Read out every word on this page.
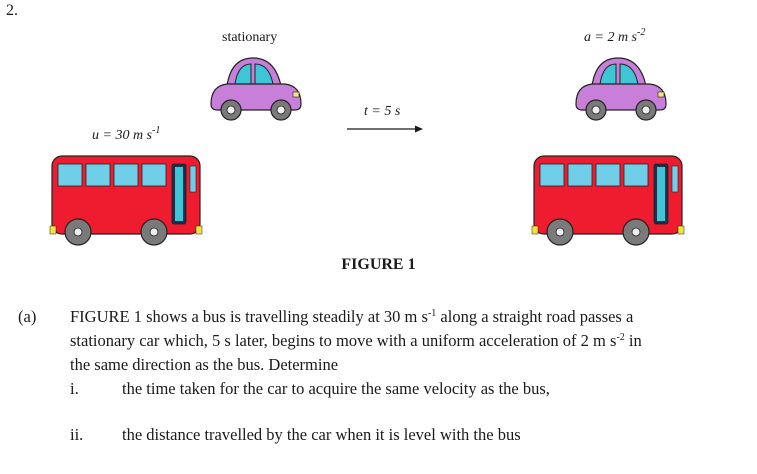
2.
stationary	a = 2 m $s^{-2}$
u = 30 m $s^{-1}$
t = 5 s
FIGURE 1
(a) FIGURE 1 shows a bus is travelling steadily at 30 m $s^{-1}$ along a straight road passes a
stationary car which, 5 s later, begins to move with a uniform acceleration of 2 m $s^{-2}$ in
the same direction as the bus. Determine
i.	the time taken for the car to acquire the same velocity as the bus,
ii. the distance travelled by the car when it is level with the bus
